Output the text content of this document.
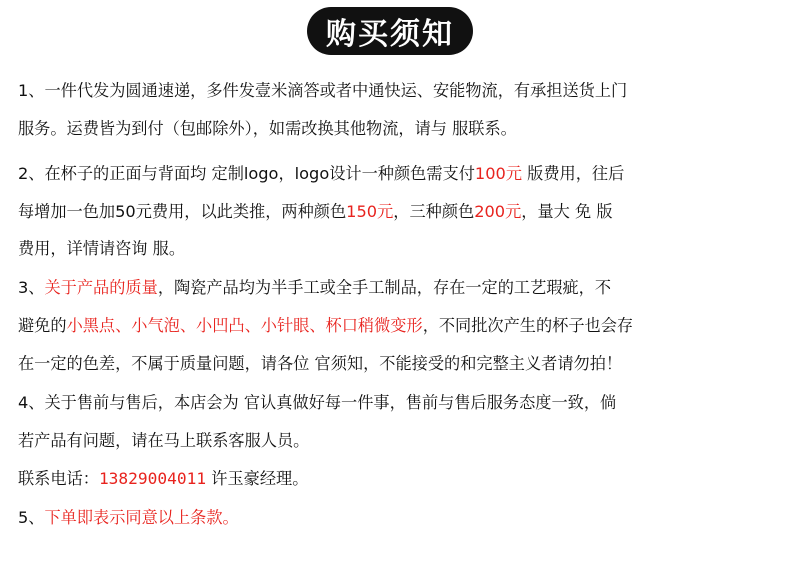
购买须知
1、一件代发为圆通速递，多件发壹米滴答或者中通快运、安能物流，有承担送货上门
服务。运费皆为到付（包邮除外），如需改换其他物流，请与 服联系。
2、在杯子的正面与背面均 定制logo，logo设计一种颜色需支付100元 版费用，往后
每增加一色加50元费用，以此类推，两种颜色150元，三种颜色200元，量大 免 版
费用，详情请咨询 服。
3、关于产品的质量，陶瓷产品均为半手工或全手工制品，存在一定的工艺瑕疵，不
避免的小黑点、小气泡、小凹凸、小针眼、杯口稍微变形，不同批次产生的杯子也会存
在一定的色差，不属于质量问题，请各位 官须知，不能接受的和完整主义者请勿拍！
4、关于售前与售后，本店会为 官认真做好每一件事，售前与售后服务态度一致，倘
若产品有问题，请在马上联系客服人员。
联系电话：13829004011 许玉豪经理。
5、下单即表示同意以上条款。
